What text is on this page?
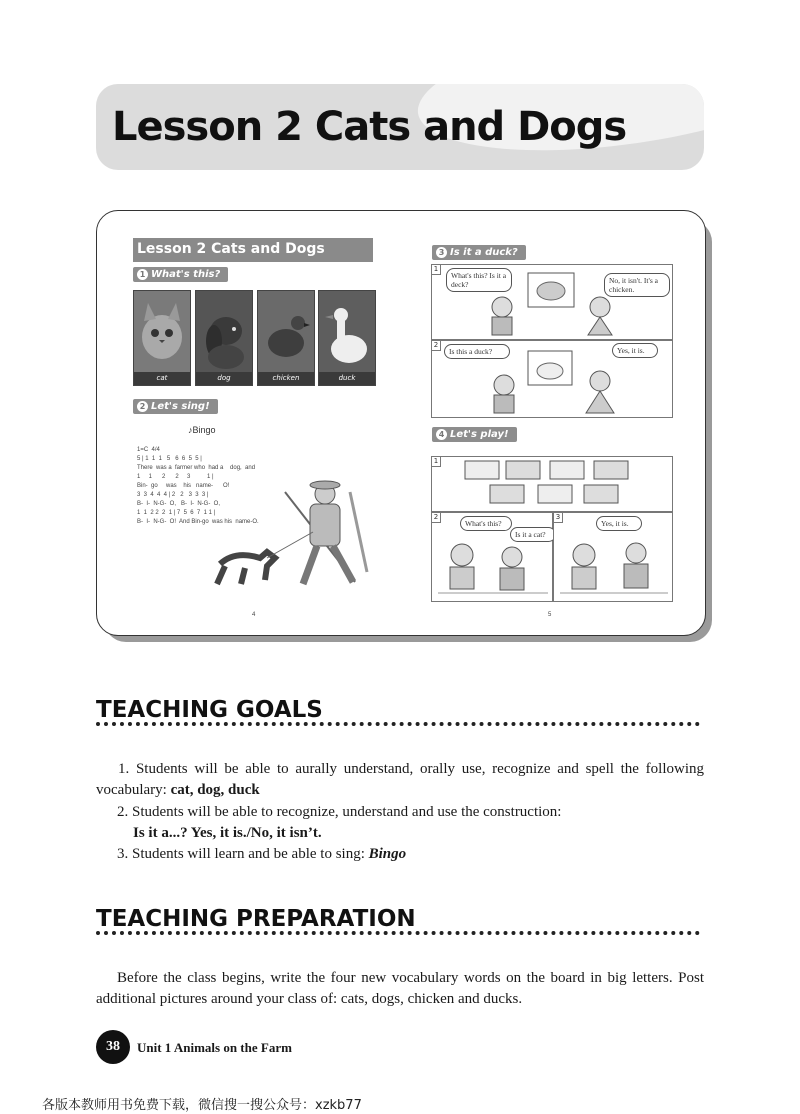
Lesson 2 Cats and Dogs
Lesson 2 Cats and Dogs
1 What's this?
cat	dog	chicken	duck
2 Let's sing!
♪Bingo
1=C  4/4
5 | 1  1  1   5   6  6  5  5 |
There  was a  farmer who  had a    dog,  and
1     1      2      2     3          1 |
Bin-  go     was    his   name-      O!
3  3  4  4  4 | 2   2   3  3  3 |
B-  I-  N-G-  O,   B-  I-  N-G-  O,
1  1  2 2  2  1 | 7  5  6  7  1 1 |
B-  I-  N-G-  O!  And Bin-go  was his  name-O.
4
3 Is it a duck?
1
What's this? Is it a deck?	No, it isn't. It's a chicken.
2
Is this a duck?	Yes, it is.
4 Let's play!
1
2
What's this?
Is it a cat?
3
Yes, it is.
5
TEACHING GOALS
1. Students will be able to aurally understand, orally use, recognize and spell the following vocabulary: cat, dog, duck
2. Students will be able to recognize, understand and use the construction:
Is it a...? Yes, it is./No, it isn’t.
3. Students will learn and be able to sing: Bingo
TEACHING PREPARATION
Before the class begins, write the four new vocabulary words on the board in big letters. Post additional pictures around your class of: cats, dogs, chicken and ducks.
38	Unit 1 Animals on the Farm
各版本教师用书免费下载，微信搜一搜公众号：xzkb77
